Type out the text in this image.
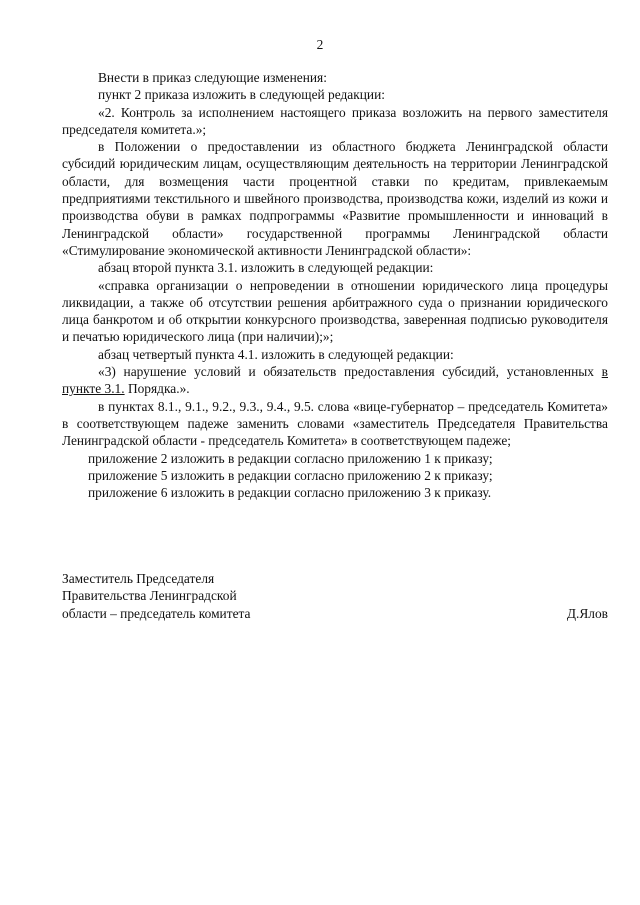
2

Внести в приказ следующие изменения:

пункт 2 приказа изложить в следующей редакции:

«2. Контроль за исполнением настоящего приказа возложить на первого заместителя председателя комитета.»;

в Положении о предоставлении из областного бюджета Ленинградской области субсидий юридическим лицам, осуществляющим деятельность на территории Ленинградской области, для возмещения части процентной ставки по кредитам, привлекаемым предприятиями текстильного и швейного производства, производства кожи, изделий из кожи и производства обуви в рамках подпрограммы «Развитие промышленности и инноваций в Ленинградской области» государственной программы Ленинградской области «Стимулирование экономической активности Ленинградской области»:

абзац второй пункта 3.1. изложить в следующей редакции:

«справка организации о непроведении в отношении юридического лица процедуры ликвидации, а также об отсутствии решения арбитражного суда о признании юридического лица банкротом и об открытии конкурсного производства, заверенная подписью руководителя и печатью юридического лица (при наличии);»;

абзац четвертый пункта 4.1. изложить в следующей редакции:

«3) нарушение условий и обязательств предоставления субсидий, установленных в пункте 3.1. Порядка.».

в пунктах 8.1., 9.1., 9.2., 9.3., 9.4., 9.5. слова «вице-губернатор – председатель Комитета» в соответствующем падеже заменить словами «заместитель Председателя Правительства Ленинградской области - председатель Комитета» в соответствующем падеже;

приложение 2 изложить в редакции согласно приложению 1 к приказу;

приложение 5 изложить в редакции согласно приложению 2 к приказу;

приложение 6 изложить в редакции согласно приложению 3 к приказу.

Заместитель Председателя
Правительства Ленинградской
области – председатель комитета	Д.Ялов
